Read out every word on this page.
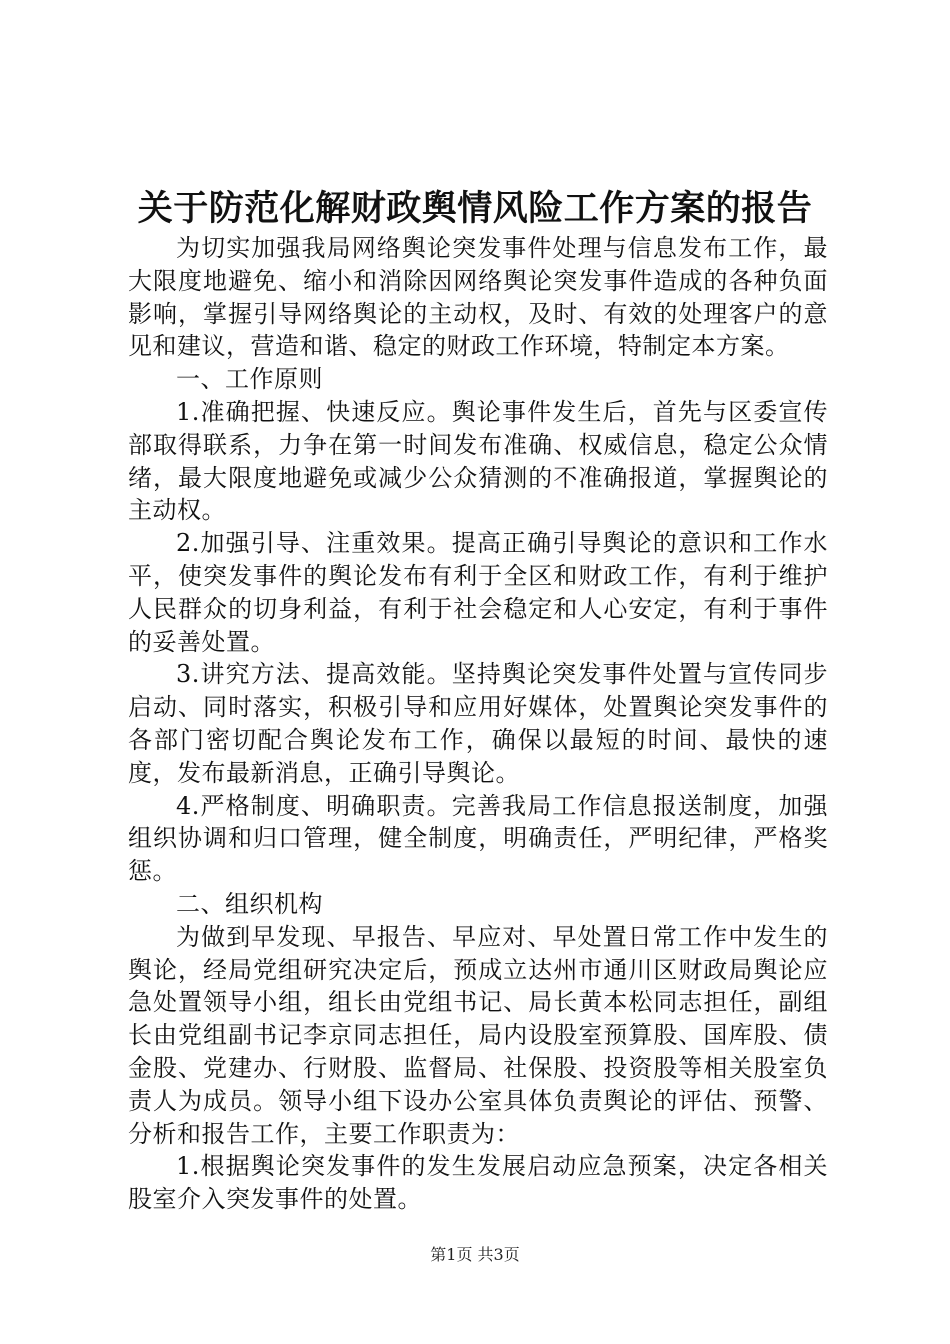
关于防范化解财政舆情风险工作方案的报告

为切实加强我局网络舆论突发事件处理与信息发布工作，最大限度地避免、缩小和消除因网络舆论突发事件造成的各种负面影响，掌握引导网络舆论的主动权，及时、有效的处理客户的意见和建议，营造和谐、稳定的财政工作环境，特制定本方案。

一、工作原则

1.准确把握、快速反应。舆论事件发生后，首先与区委宣传部取得联系，力争在第一时间发布准确、权威信息，稳定公众情绪，最大限度地避免或减少公众猜测的不准确报道，掌握舆论的主动权。

2.加强引导、注重效果。提高正确引导舆论的意识和工作水平，使突发事件的舆论发布有利于全区和财政工作，有利于维护人民群众的切身利益，有利于社会稳定和人心安定，有利于事件的妥善处置。

3.讲究方法、提高效能。坚持舆论突发事件处置与宣传同步启动、同时落实，积极引导和应用好媒体，处置舆论突发事件的各部门密切配合舆论发布工作，确保以最短的时间、最快的速度，发布最新消息，正确引导舆论。

4.严格制度、明确职责。完善我局工作信息报送制度，加强组织协调和归口管理，健全制度，明确责任，严明纪律，严格奖惩。

二、组织机构

为做到早发现、早报告、早应对、早处置日常工作中发生的舆论，经局党组研究决定后，预成立达州市通川区财政局舆论应急处置领导小组，组长由党组书记、局长黄本松同志担任，副组长由党组副书记李京同志担任，局内设股室预算股、国库股、债金股、党建办、行财股、监督局、社保股、投资股等相关股室负责人为成员。领导小组下设办公室具体负责舆论的评估、预警、分析和报告工作，主要工作职责为：

1.根据舆论突发事件的发生发展启动应急预案，决定各相关股室介入突发事件的处置。

第1页 共3页
